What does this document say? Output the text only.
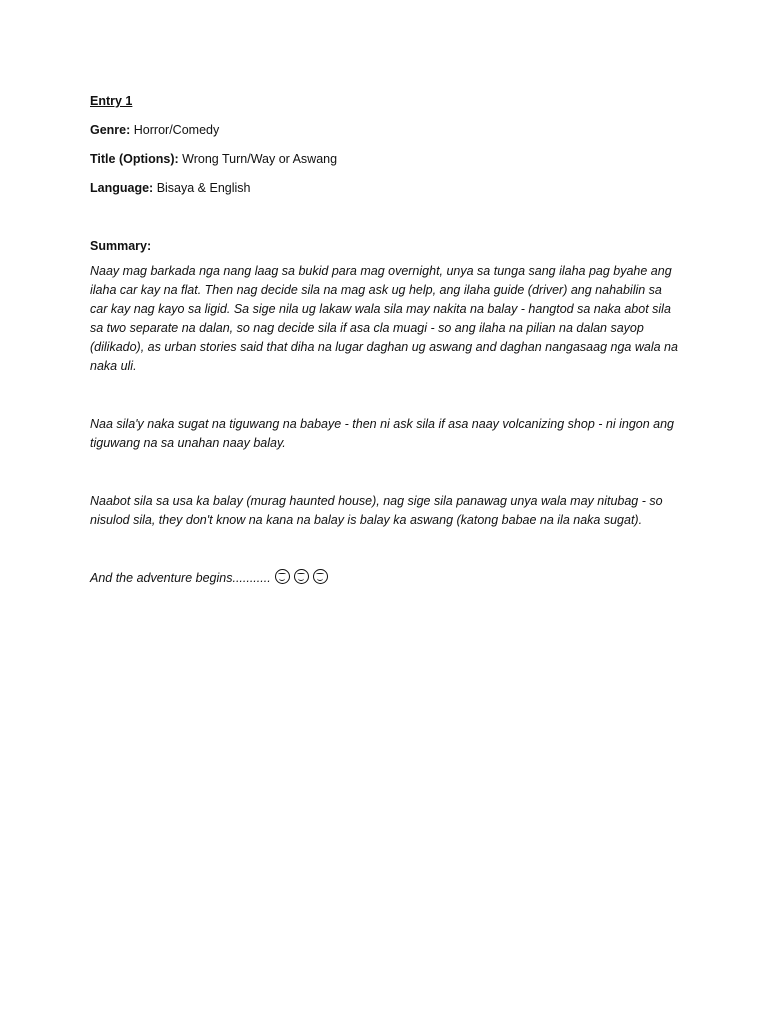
Entry 1

Genre: Horror/Comedy

Title (Options): Wrong Turn/Way or Aswang

Language: Bisaya & English

Summary:

Naay mag barkada nga nang laag sa bukid para mag overnight, unya sa tunga sang ilaha pag byahe ang ilaha car kay na flat. Then nag decide sila na mag ask ug help, ang ilaha guide (driver) ang nahabilin sa car kay nag kayo sa ligid. Sa sige nila ug lakaw wala sila may nakita na balay - hangtod sa naka abot sila sa two separate na dalan, so nag decide sila if asa cla muagi - so ang ilaha na pilian na dalan sayop (dilikado), as urban stories said that diha na lugar daghan ug aswang and daghan nangasaag nga wala na naka uli.

Naa sila'y naka sugat na tiguwang na babaye - then ni ask sila if asa naay volcanizing shop - ni ingon ang tiguwang na sa unahan naay balay.

Naabot sila sa usa ka balay (murag haunted house), nag sige sila panawag unya wala may nitubag - so nisulod sila, they don't know na kana na balay is balay ka aswang (katong babae na ila naka sugat).

And the adventure begins...........
